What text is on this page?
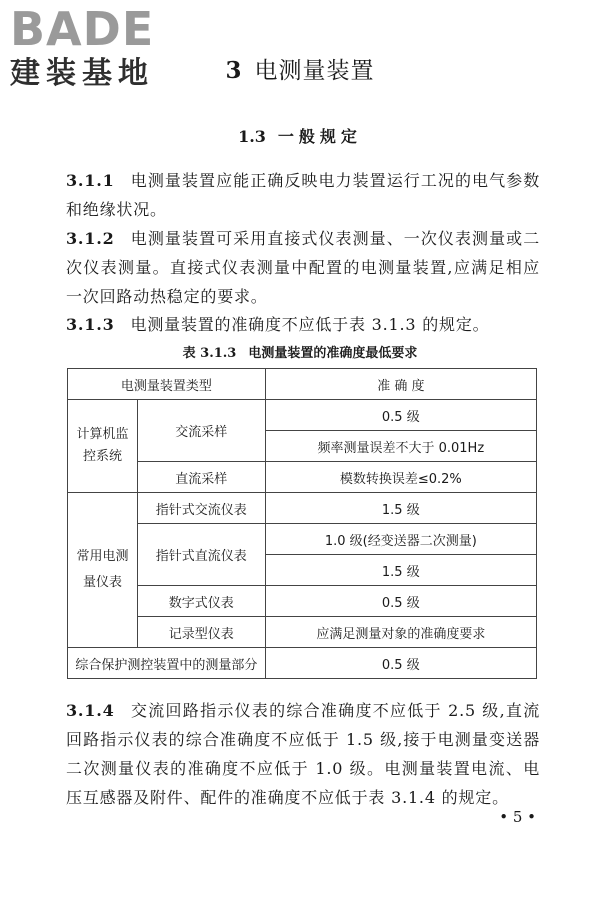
BADE
建装基地	3 电测量装置
1.3 一般规定
3.1.1 电测量装置应能正确反映电力装置运行工况的电气参数和绝缘状况。
3.1.2 电测量装置可采用直接式仪表测量、一次仪表测量或二次仪表测量。直接式仪表测量中配置的电测量装置,应满足相应一次回路动热稳定的要求。
3.1.3 电测量装置的准确度不应低于表 3.1.3 的规定。
表 3.1.3 电测量装置的准确度最低要求
电测量装置类型		准 确 度
计算机监控系统	交流采样	0.5 级
		频率测量误差不大于 0.01Hz
	直流采样	模数转换误差≤0.2%
常用电测量仪表	指针式交流仪表	1.5 级
	指针式直流仪表	1.0 级(经变送器二次测量)
		1.5 级
	数字式仪表	0.5 级
	记录型仪表	应满足测量对象的准确度要求
综合保护测控装置中的测量部分		0.5 级
3.1.4 交流回路指示仪表的综合准确度不应低于 2.5 级,直流回路指示仪表的综合准确度不应低于 1.5 级,接于电测量变送器二次测量仪表的准确度不应低于 1.0 级。电测量装置电流、电压互感器及附件、配件的准确度不应低于表 3.1.4 的规定。
• 5 •
